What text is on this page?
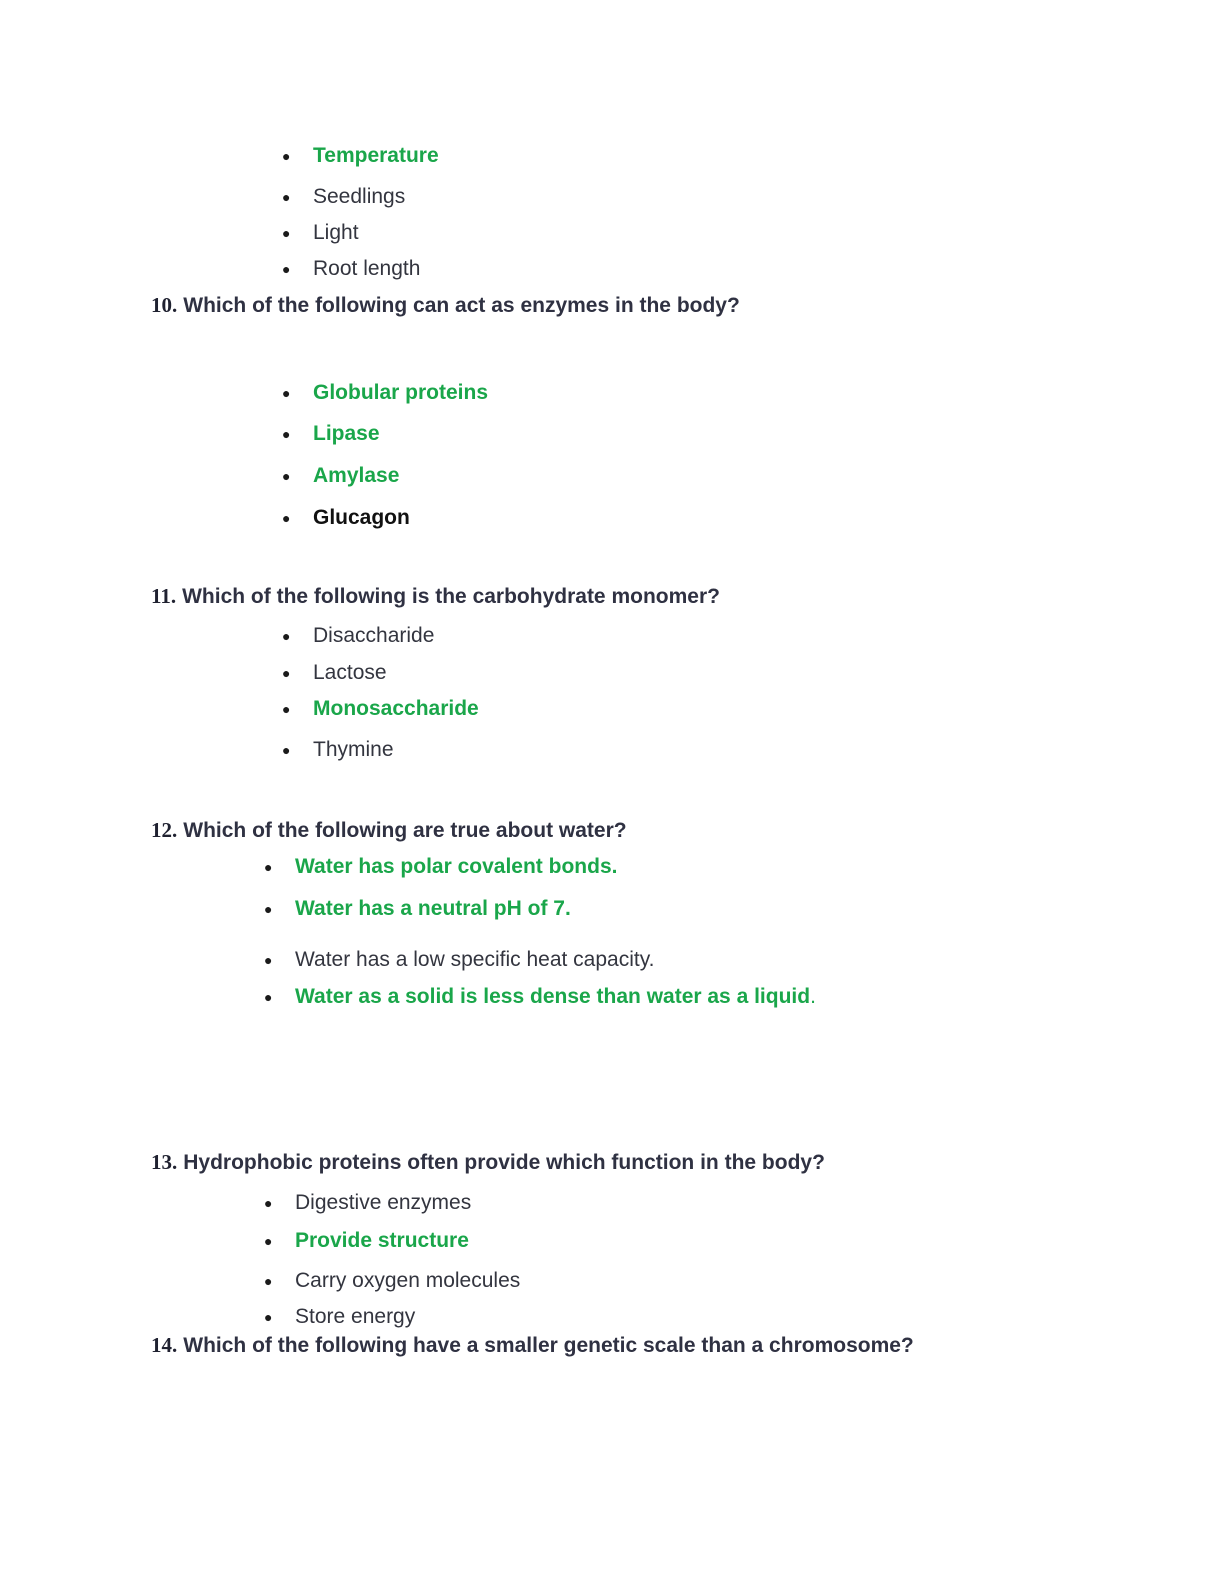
● Temperature
● Seedlings
● Light
● Root length
10. Which of the following can act as enzymes in the body?
● Globular proteins
● Lipase
● Amylase
● Glucagon
11. Which of the following is the carbohydrate monomer?
● Disaccharide
● Lactose
● Monosaccharide
● Thymine
12. Which of the following are true about water?
● Water has polar covalent bonds.
● Water has a neutral pH of 7.
● Water has a low specific heat capacity.
● Water as a solid is less dense than water as a liquid.
13. Hydrophobic proteins often provide which function in the body?
● Digestive enzymes
● Provide structure
● Carry oxygen molecules
● Store energy
14. Which of the following have a smaller genetic scale than a chromosome?
